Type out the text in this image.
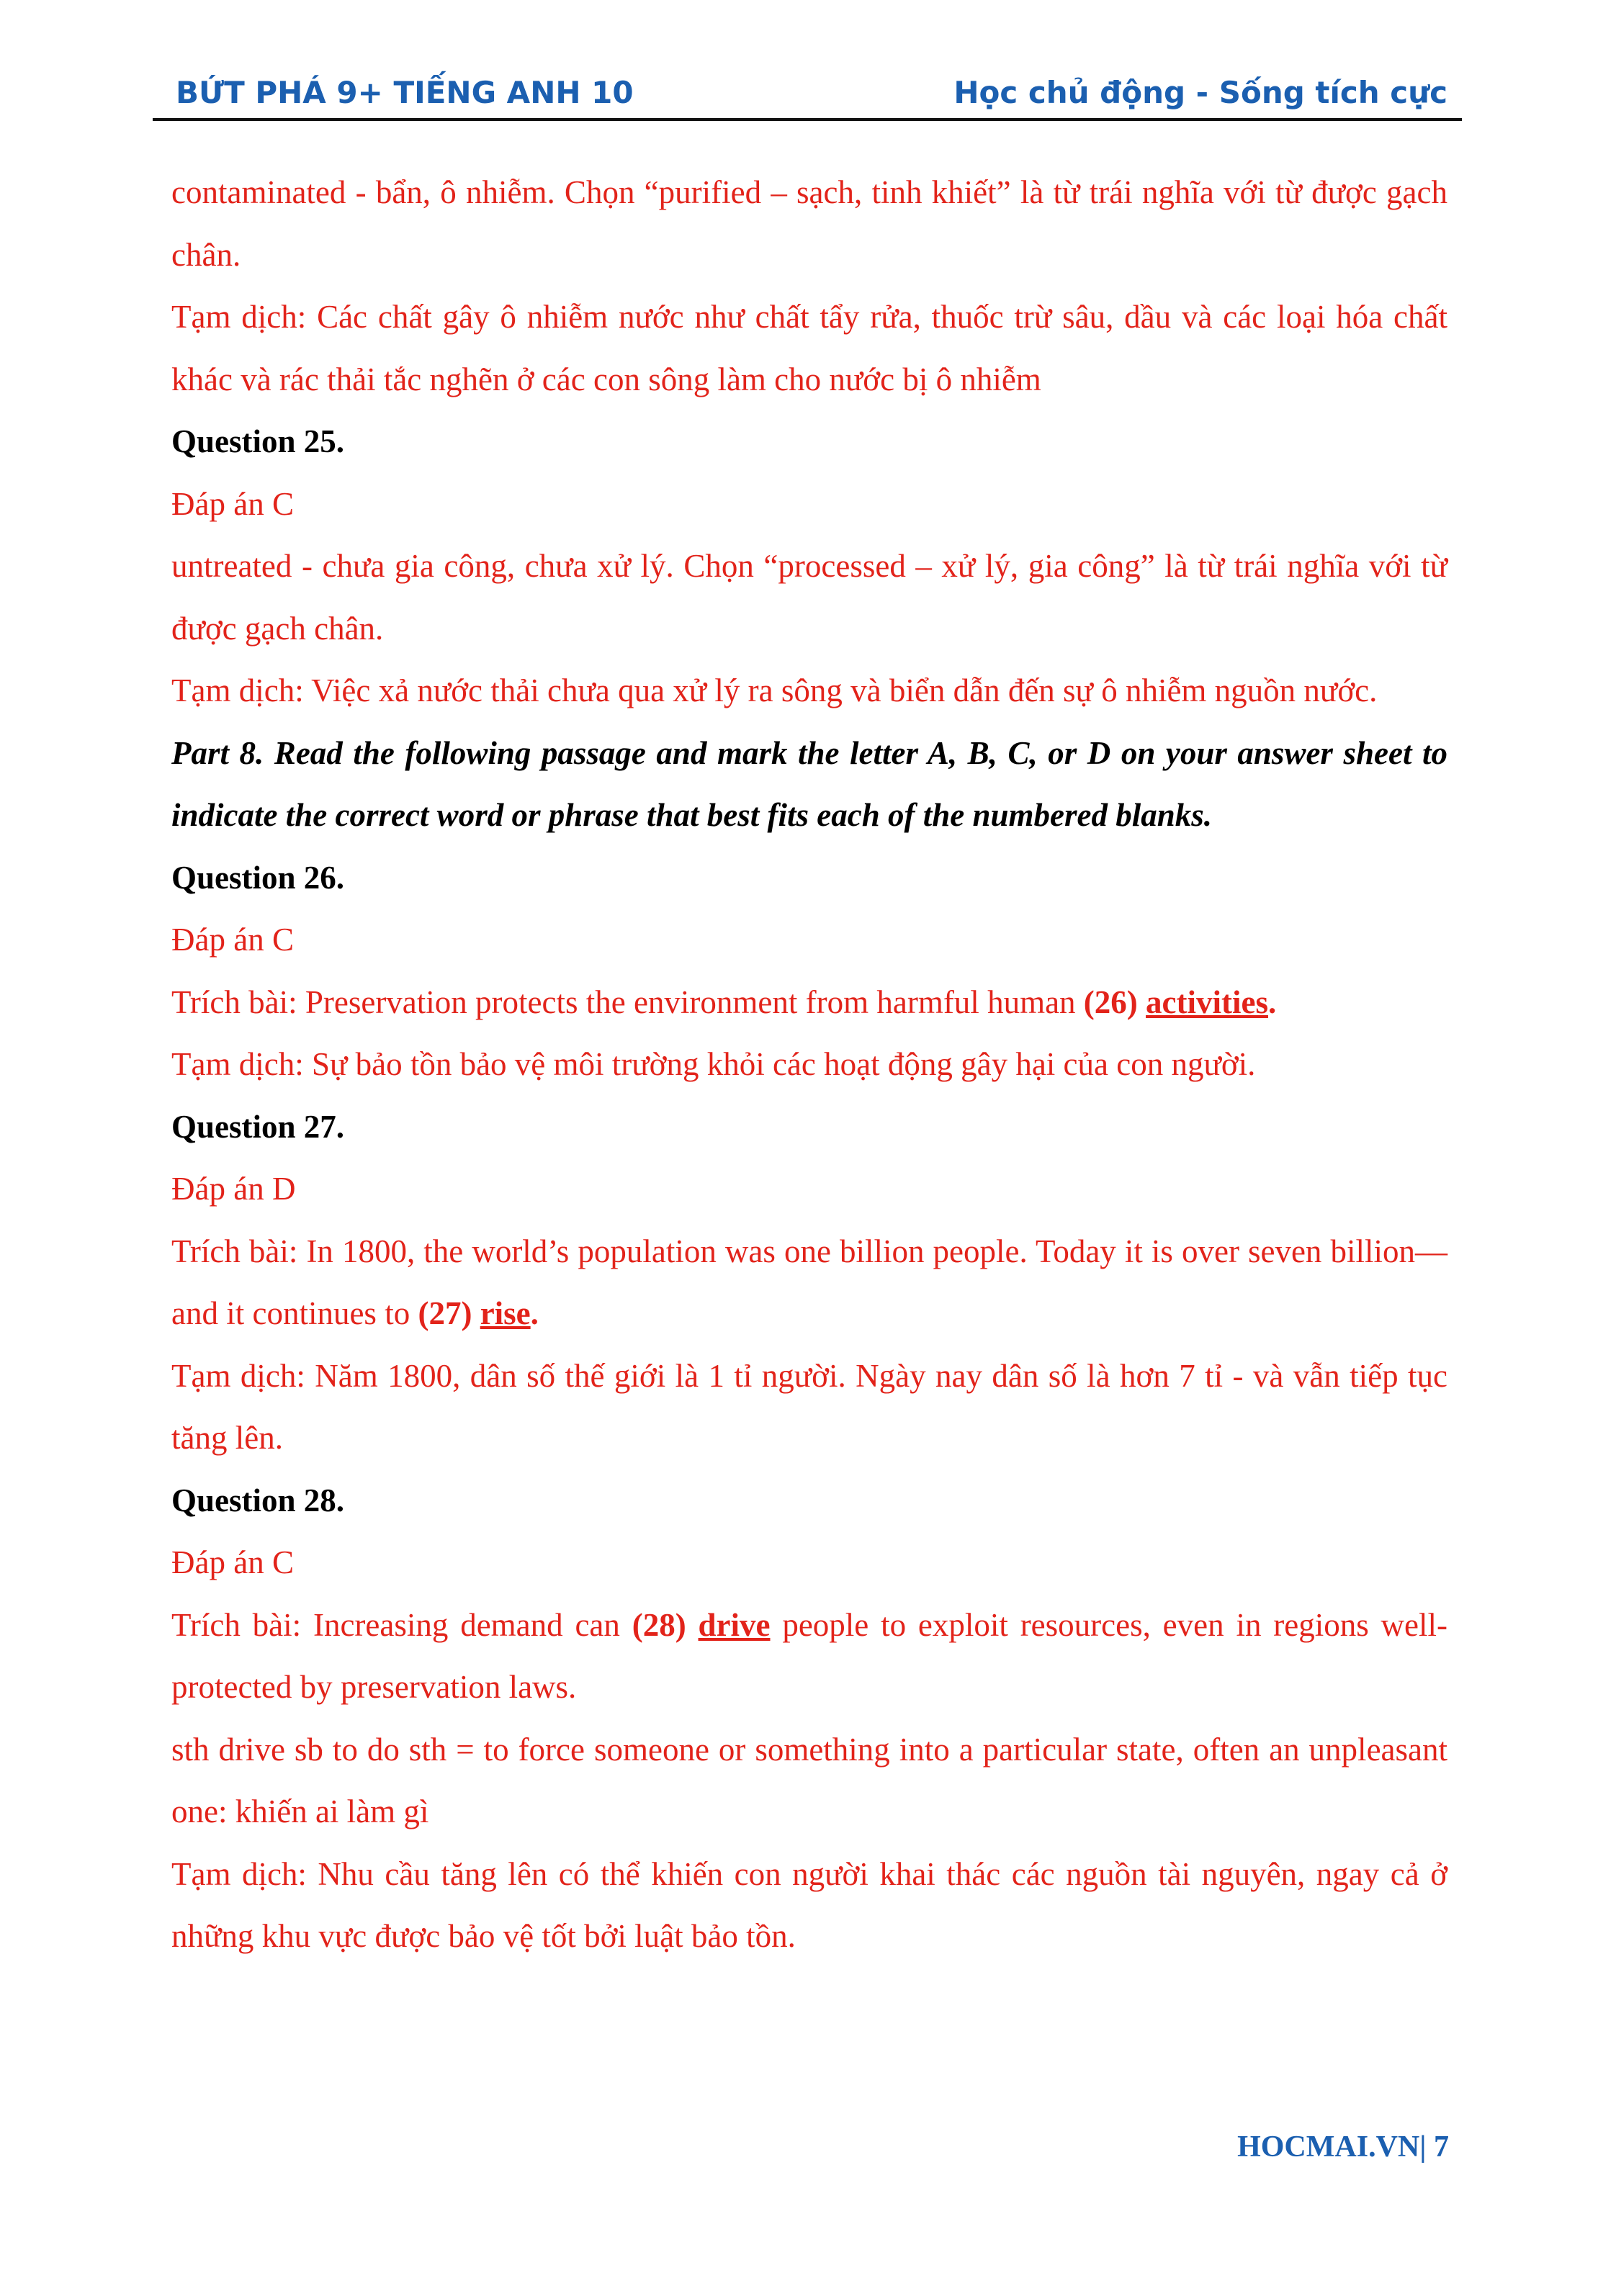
BỨT PHÁ 9+ TIẾNG ANH 10	Học chủ động - Sống tích cực

contaminated - bẩn, ô nhiễm. Chọn “purified – sạch, tinh khiết” là từ trái nghĩa với từ được gạch chân.

Tạm dịch: Các chất gây ô nhiễm nước như chất tẩy rửa, thuốc trừ sâu, dầu và các loại hóa chất khác và rác thải tắc nghẽn ở các con sông làm cho nước bị ô nhiễm

Question 25.

Đáp án C

untreated - chưa gia công, chưa xử lý. Chọn “processed – xử lý, gia công” là từ trái nghĩa với từ được gạch chân.

Tạm dịch: Việc xả nước thải chưa qua xử lý ra sông và biển dẫn đến sự ô nhiễm nguồn nước.

Part 8. Read the following passage and mark the letter A, B, C, or D on your answer sheet to indicate the correct word or phrase that best fits each of the numbered blanks.

Question 26.

Đáp án C

Trích bài: Preservation protects the environment from harmful human (26) activities.

Tạm dịch: Sự bảo tồn bảo vệ môi trường khỏi các hoạt động gây hại của con người.

Question 27.

Đáp án D

Trích bài: In 1800, the world’s population was one billion people. Today it is over seven billion—and it continues to (27) rise.

Tạm dịch: Năm 1800, dân số thế giới là 1 tỉ người. Ngày nay dân số là hơn 7 tỉ - và vẫn tiếp tục tăng lên.

Question 28.

Đáp án C

Trích bài: Increasing demand can (28) drive people to exploit resources, even in regions well-protected by preservation laws.

sth drive sb to do sth = to force someone or something into a particular state, often an unpleasant one: khiến ai làm gì

Tạm dịch: Nhu cầu tăng lên có thể khiến con người khai thác các nguồn tài nguyên, ngay cả ở những khu vực được bảo vệ tốt bởi luật bảo tồn.

HOCMAI.VN| 7
